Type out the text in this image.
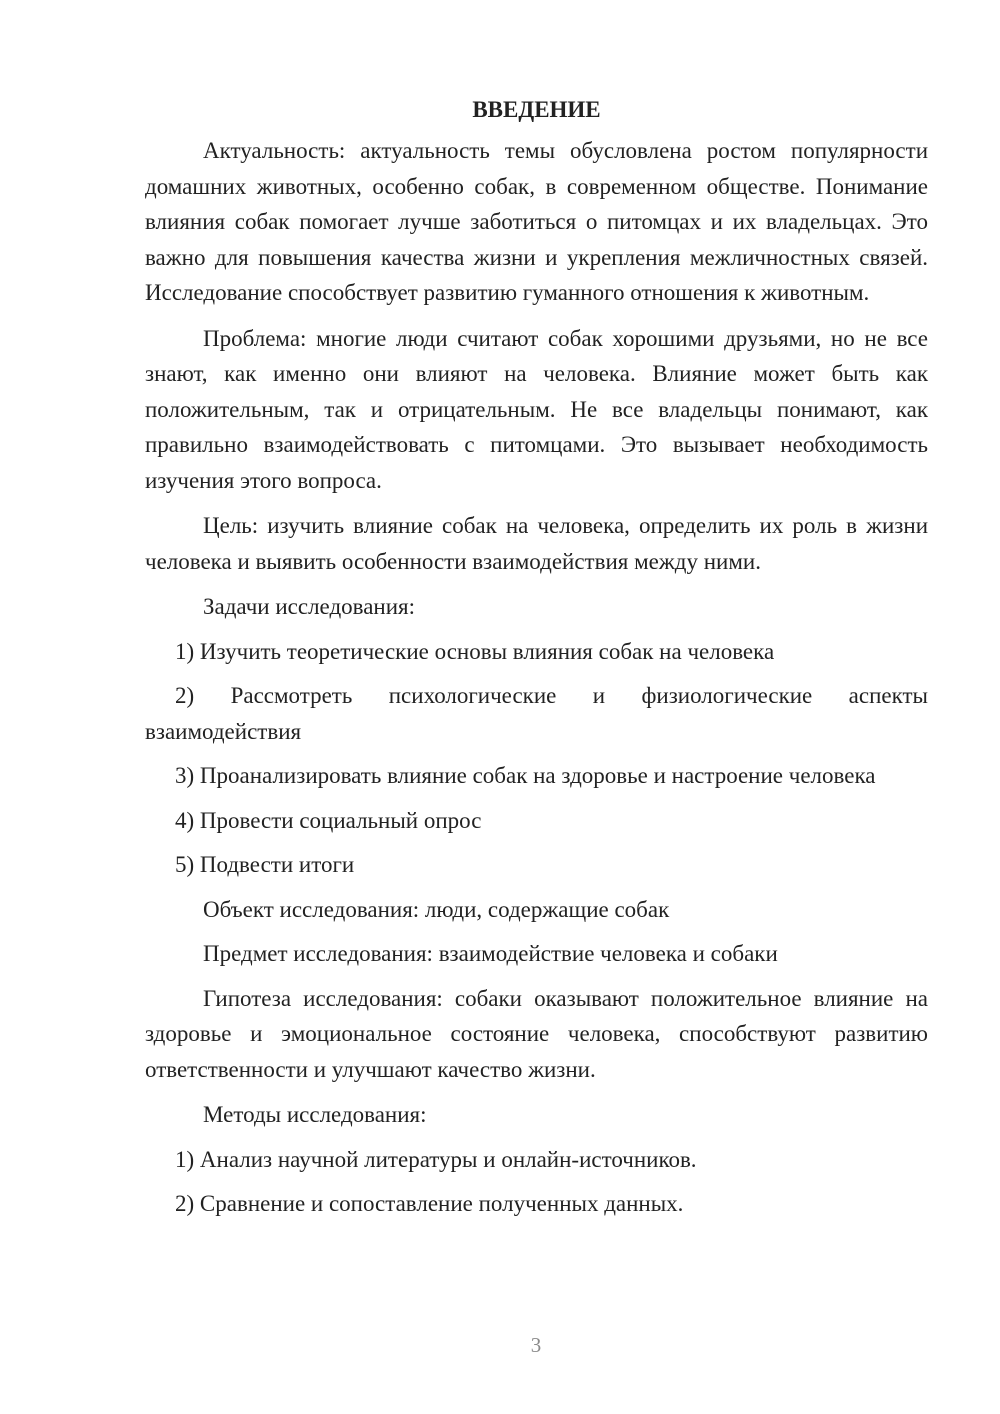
ВВЕДЕНИЕ

Актуальность: актуальность темы обусловлена ростом популярности домашних животных, особенно собак, в современном обществе. Понимание влияния собак помогает лучше заботиться о питомцах и их владельцах. Это важно для повышения качества жизни и укрепления межличностных связей. Исследование способствует развитию гуманного отношения к животным.

Проблема: многие люди считают собак хорошими друзьями, но не все знают, как именно они влияют на человека. Влияние может быть как положительным, так и отрицательным. Не все владельцы понимают, как правильно взаимодействовать с питомцами. Это вызывает необходимость изучения этого вопроса.

Цель: изучить влияние собак на человека, определить их роль в жизни человека и выявить особенности взаимодействия между ними.

Задачи исследования:

1) Изучить теоретические основы влияния собак на человека

2) Рассмотреть психологические и физиологические аспекты взаимодействия

3) Проанализировать влияние собак на здоровье и настроение человека

4) Провести социальный опрос

5) Подвести итоги

Объект исследования: люди, содержащие собак

Предмет исследования: взаимодействие человека и собаки

Гипотеза исследования: собаки оказывают положительное влияние на здоровье и эмоциональное состояние человека, способствуют развитию ответственности и улучшают качество жизни.

Методы исследования:

1) Анализ научной литературы и онлайн-источников.

2) Сравнение и сопоставление полученных данных.

3
